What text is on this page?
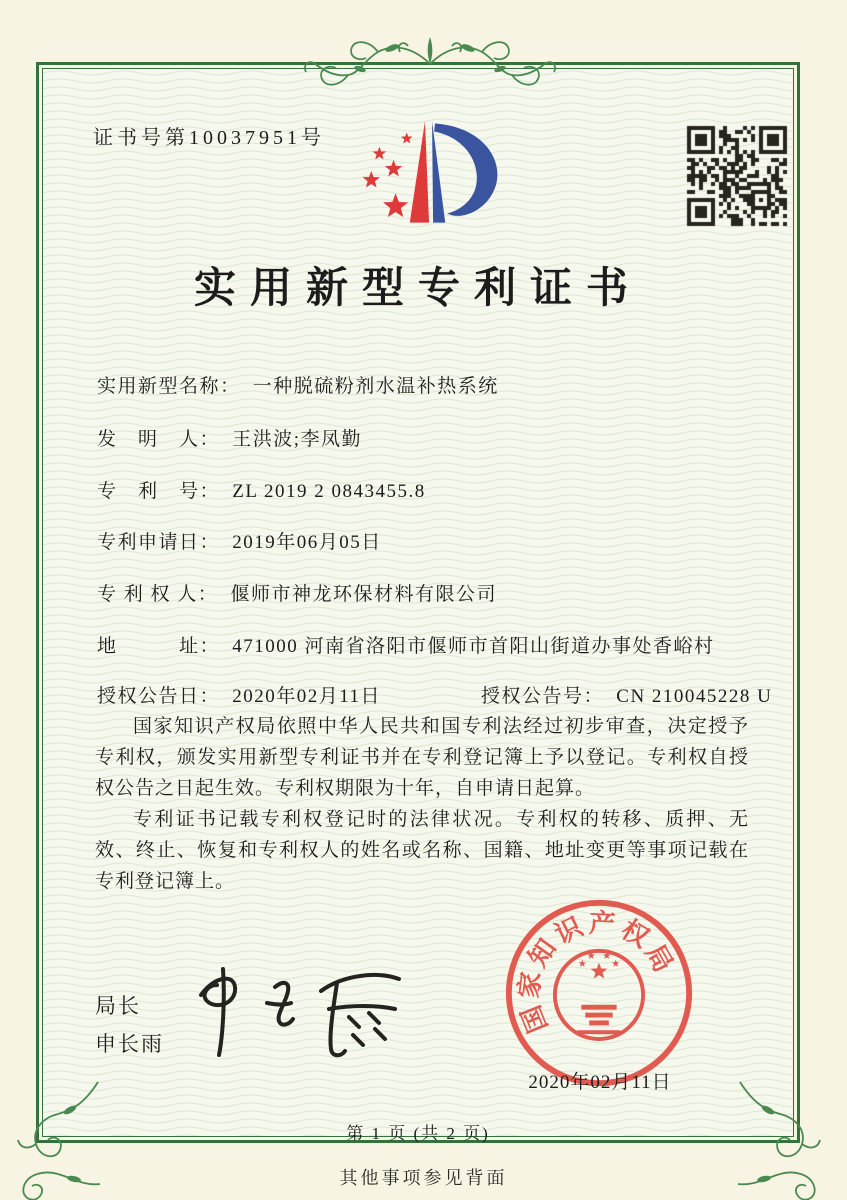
证书号第10037951号
实用新型专利证书
实用新型名称： 一种脱硫粉剂水温补热系统
发　明　人： 王洪波;李凤勤
专　利　号： ZL 2019 2 0843455.8
专利申请日： 2019年06月05日
专 利 权 人： 偃师市神龙环保材料有限公司
地　　　址： 471000 河南省洛阳市偃师市首阳山街道办事处香峪村
授权公告日： 2020年02月11日	授权公告号： CN 210045228 U

国家知识产权局依照中华人民共和国专利法经过初步审查，决定授予专利权，颁发实用新型专利证书并在专利登记簿上予以登记。专利权自授权公告之日起生效。专利权期限为十年，自申请日起算。

专利证书记载专利权登记时的法律状况。专利权的转移、质押、无效、终止、恢复和专利权人的姓名或名称、国籍、地址变更等事项记载在专利登记簿上。

局长
申长雨
国
家
知
识 产 权
局
2020年02月11日
第 1 页 (共 2 页)
其他事项参见背面
